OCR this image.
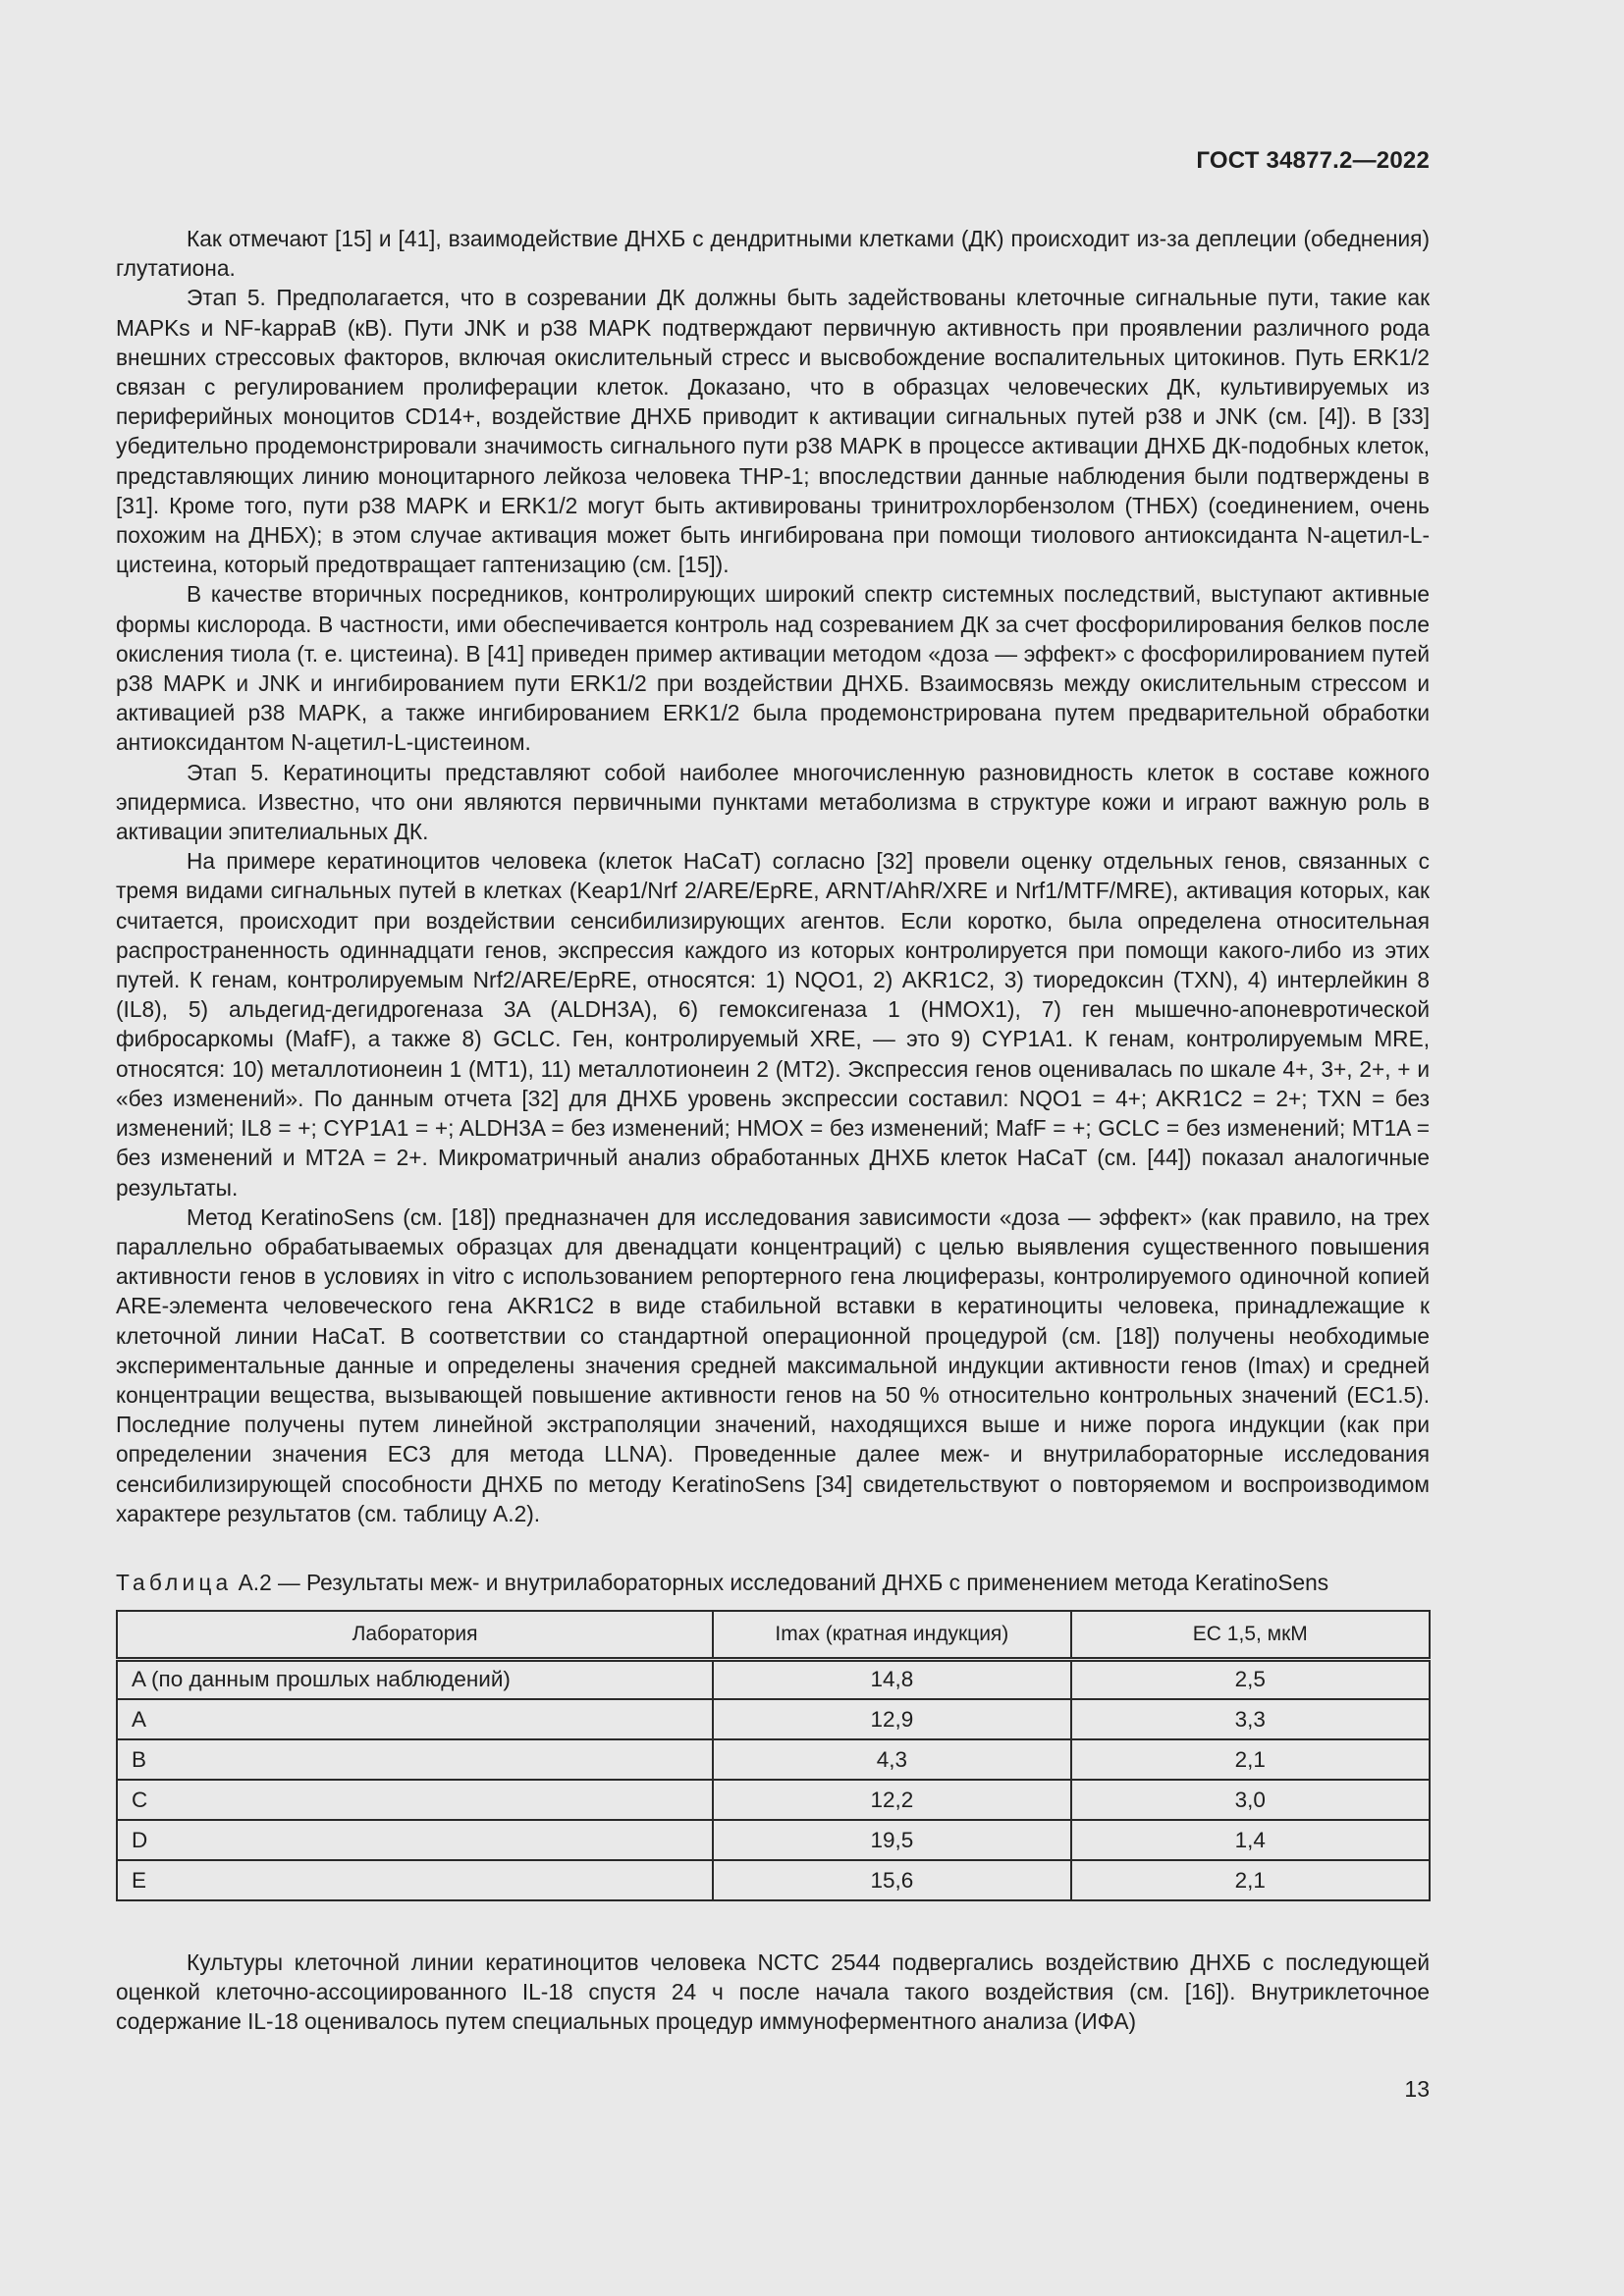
ГОСТ 34877.2—2022

Как отмечают [15] и [41], взаимодействие ДНХБ с дендритными клетками (ДК) происходит из-за деплеции (обеднения) глутатиона.

Этап 5. Предполагается, что в созревании ДК должны быть задействованы клеточные сигнальные пути, такие как MAPKs и NF-kappaB (кВ). Пути JNK и p38 MAPK подтверждают первичную активность при проявлении различного рода внешних стрессовых факторов, включая окислительный стресс и высвобождение воспалительных цитокинов. Путь ERK1/2 связан с регулированием пролиферации клеток. Доказано, что в образцах человеческих ДК, культивируемых из периферийных моноцитов CD14+, воздействие ДНХБ приводит к активации сигнальных путей p38 и JNK (см. [4]). В [33] убедительно продемонстрировали значимость сигнального пути p38 MAPK в процессе активации ДНХБ ДК-подобных клеток, представляющих линию моноцитарного лейкоза человека THP-1; впоследствии данные наблюдения были подтверждены в [31]. Кроме того, пути p38 MAPK и ERK1/2 могут быть активированы тринитрохлорбензолом (ТНБХ) (соединением, очень похожим на ДНБХ); в этом случае активация может быть ингибирована при помощи тиолового антиоксиданта N-ацетил-L-цистеина, который предотвращает гаптенизацию (см. [15]).

В качестве вторичных посредников, контролирующих широкий спектр системных последствий, выступают активные формы кислорода. В частности, ими обеспечивается контроль над созреванием ДК за счет фосфорилирования белков после окисления тиола (т. е. цистеина). В [41] приведен пример активации методом «доза — эффект» с фосфорилированием путей p38 MAPK и JNK и ингибированием пути ERK1/2 при воздействии ДНХБ. Взаимосвязь между окислительным стрессом и активацией p38 MAPK, а также ингибированием ERK1/2 была продемонстрирована путем предварительной обработки антиоксидантом N-ацетил-L-цистеином.

Этап 5. Кератиноциты представляют собой наиболее многочисленную разновидность клеток в составе кожного эпидермиса. Известно, что они являются первичными пунктами метаболизма в структуре кожи и играют важную роль в активации эпителиальных ДК.

На примере кератиноцитов человека (клеток HaCaT) согласно [32] провели оценку отдельных генов, связанных с тремя видами сигнальных путей в клетках (Keap1/Nrf 2/ARE/EpRE, ARNT/AhR/XRE и Nrf1/MTF/MRE), активация которых, как считается, происходит при воздействии сенсибилизирующих агентов. Если коротко, была определена относительная распространенность одиннадцати генов, экспрессия каждого из которых контролируется при помощи какого-либо из этих путей. К генам, контролируемым Nrf2/ARE/EpRE, относятся: 1) NQO1, 2) AKR1C2, 3) тиоредоксин (TXN), 4) интерлейкин 8 (IL8), 5) альдегид-дегидрогеназа 3A (ALDH3A), 6) гемоксигеназа 1 (HMOX1), 7) ген мышечно-апоневротической фибросаркомы (MafF), а также 8) GCLC. Ген, контролируемый XRE, — это 9) CYP1A1. К генам, контролируемым MRE, относятся: 10) металлотионеин 1 (MT1), 11) металлотионеин 2 (MT2). Экспрессия генов оценивалась по шкале 4+, 3+, 2+, + и «без изменений». По данным отчета [32] для ДНХБ уровень экспрессии составил: NQO1 = 4+; AKR1C2 = 2+; TXN = без изменений; IL8 = +; CYP1A1 = +; ALDH3A = без изменений; HMOX = без изменений; MafF = +; GCLC = без изменений; MT1A = без изменений и MT2A = 2+. Микроматричный анализ обработанных ДНХБ клеток HaCaT (см. [44]) показал аналогичные результаты.

Метод KeratinoSens (см. [18]) предназначен для исследования зависимости «доза — эффект» (как правило, на трех параллельно обрабатываемых образцах для двенадцати концентраций) с целью выявления существенного повышения активности генов в условиях in vitro с использованием репортерного гена люциферазы, контролируемого одиночной копией ARE-элемента человеческого гена AKR1C2 в виде стабильной вставки в кератиноциты человека, принадлежащие к клеточной линии HaCaT. В соответствии со стандартной операционной процедурой (см. [18]) получены необходимые экспериментальные данные и определены значения средней максимальной индукции активности генов (Imax) и средней концентрации вещества, вызывающей повышение активности генов на 50 % относительно контрольных значений (EC1.5). Последние получены путем линейной экстраполяции значений, находящихся выше и ниже порога индукции (как при определении значения EC3 для метода LLNA). Проведенные далее меж- и внутрилабораторные исследования сенсибилизирующей способности ДНХБ по методу KeratinoSens [34] свидетельствуют о повторяемом и воспроизводимом характере результатов (см. таблицу А.2).

Таблица А.2 — Результаты меж- и внутрилабораторных исследований ДНХБ с применением метода KeratinoSens
Лаборатория	Imax (кратная индукция)	EC 1,5, мкМ
A (по данным прошлых наблюдений)	14,8	2,5
A	12,9	3,3
B	4,3	2,1
C	12,2	3,0
D	19,5	1,4
E	15,6	2,1

Культуры клеточной линии кератиноцитов человека NCTC 2544 подвергались воздействию ДНХБ с последующей оценкой клеточно-ассоциированного IL-18 спустя 24 ч после начала такого воздействия (см. [16]). Внутриклеточное содержание IL-18 оценивалось путем специальных процедур иммуноферментного анализа (ИФА)

13
